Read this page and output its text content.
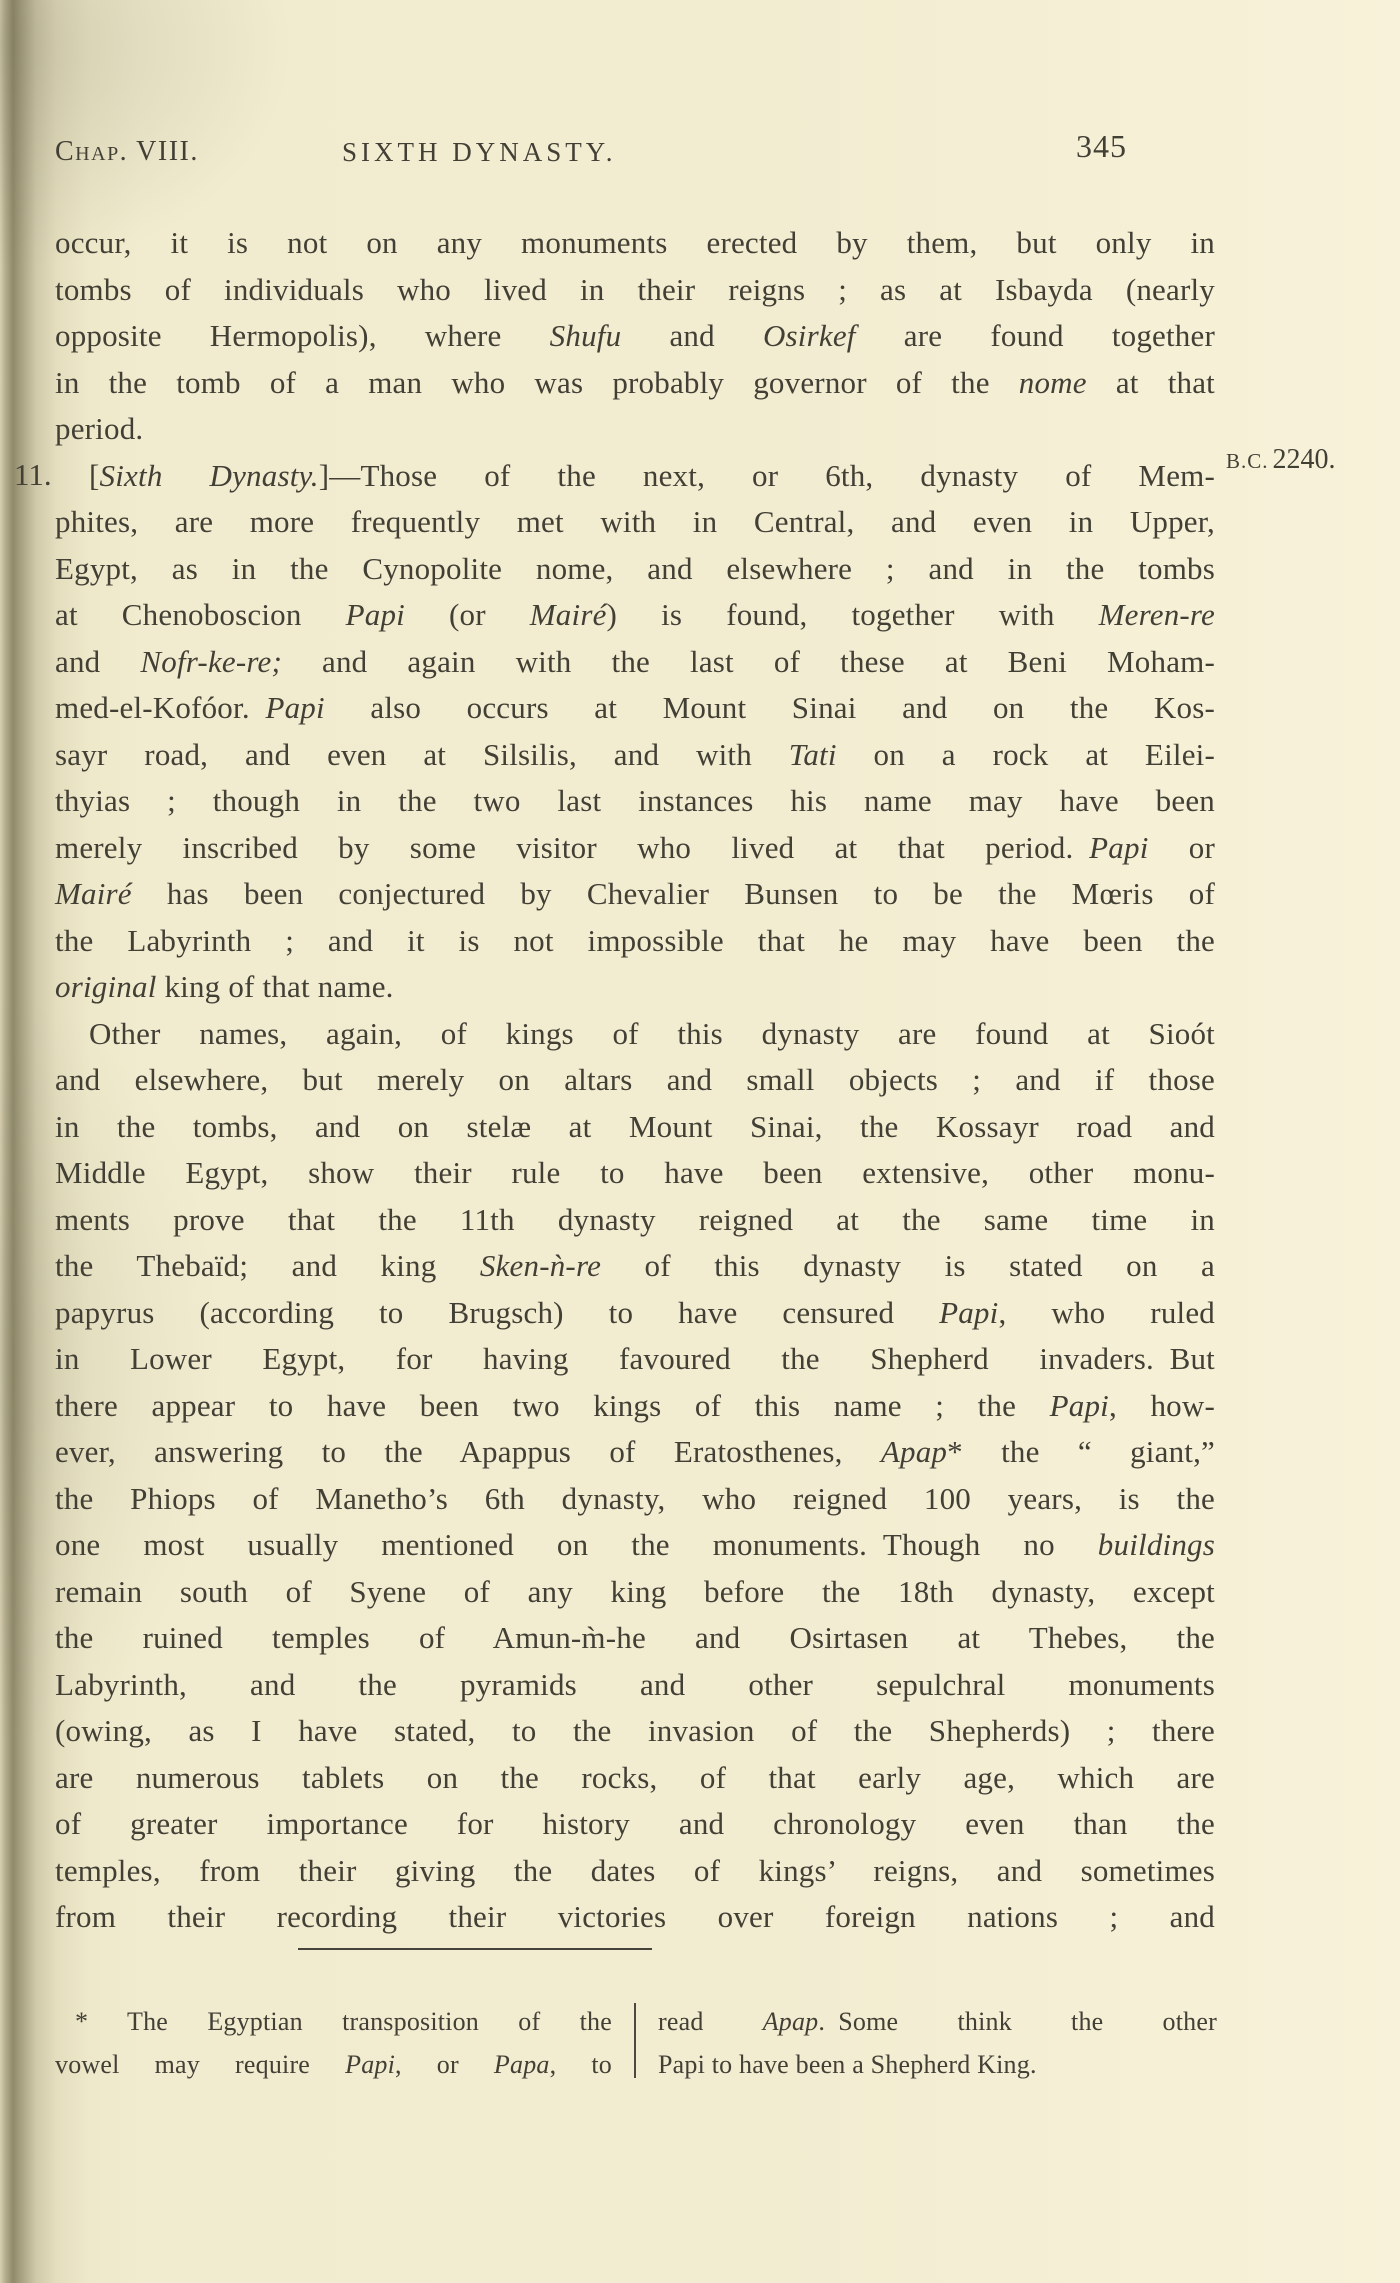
Chap. VIII.	SIXTH DYNASTY.	345
11.	B.C. 2240.
occur, it is not on any monuments erected by them, but only in
tombs of individuals who lived in their reigns ; as at Isbayda (nearly
opposite Hermopolis), where Shufu and Osirkef are found together
in the tomb of a man who was probably governor of the nome at that
period.
[Sixth Dynasty.]—Those of the next, or 6th, dynasty of Mem-
phites, are more frequently met with in Central, and even in Upper,
Egypt, as in the Cynopolite nome, and elsewhere ; and in the tombs
at Chenoboscion Papi (or Mairé) is found, together with Meren-re
and Nofr-ke-re; and again with the last of these at Beni Moham-
med-el-Kofóor. Papi also occurs at Mount Sinai and on the Kos-
sayr road, and even at Silsilis, and with Tati on a rock at Eilei-
thyias ; though in the two last instances his name may have been
merely inscribed by some visitor who lived at that period. Papi or
Mairé has been conjectured by Chevalier Bunsen to be the Mœris of
the Labyrinth ; and it is not impossible that he may have been the
original king of that name.
Other names, again, of kings of this dynasty are found at Sioót
and elsewhere, but merely on altars and small objects ; and if those
in the tombs, and on stelæ at Mount Sinai, the Kossayr road and
Middle Egypt, show their rule to have been extensive, other monu-
ments prove that the 11th dynasty reigned at the same time in
the Thebaïd; and king Sken-ǹ-re of this dynasty is stated on a
papyrus (according to Brugsch) to have censured Papi, who ruled
in Lower Egypt, for having favoured the Shepherd invaders. But
there appear to have been two kings of this name ; the Papi, how-
ever, answering to the Apappus of Eratosthenes, Apap* the “ giant,”
the Phiops of Manetho’s 6th dynasty, who reigned 100 years, is the
one most usually mentioned on the monuments. Though no buildings
remain south of Syene of any king before the 18th dynasty, except
the ruined temples of Amun-m̀-he and Osirtasen at Thebes, the
Labyrinth, and the pyramids and other sepulchral monuments
(owing, as I have stated, to the invasion of the Shepherds) ; there
are numerous tablets on the rocks, of that early age, which are
of greater importance for history and chronology even than the
temples, from their giving the dates of kings’ reigns, and sometimes
from their recording their victories over foreign nations ; and
* The Egyptian transposition of the
vowel may require Papi, or Papa, to
read Apap. Some think the other
Papi to have been a Shepherd King.
